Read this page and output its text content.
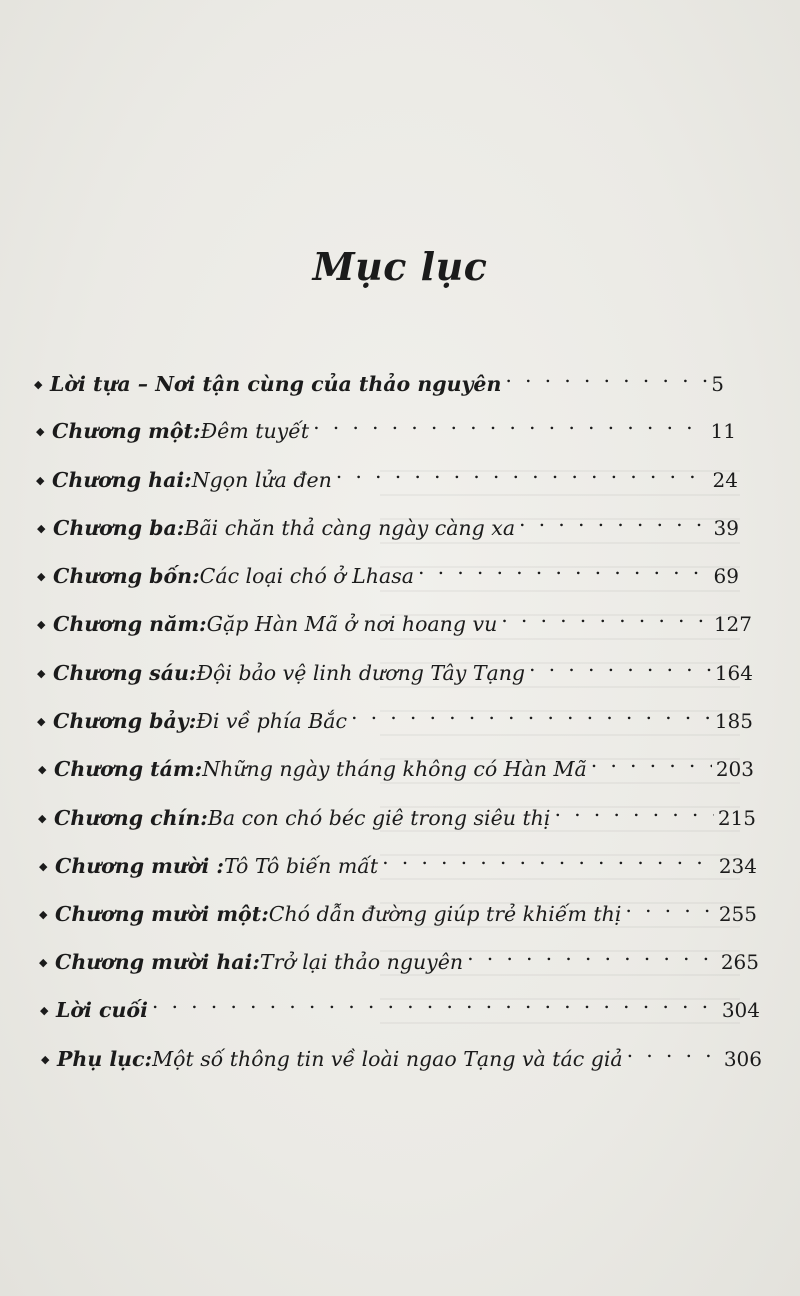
Mục lục
◆ Lời tựa – Nơi tận cùng của thảo nguyên . . .	5
◆ Chương một: Đêm tuyết . . .	11
◆ Chương hai: Ngọn lửa đen . . .	24
◆ Chương ba: Bãi chăn thả càng ngày càng xa . . .	39
◆ Chương bốn: Các loại chó ở Lhasa . . .	69
◆ Chương năm: Gặp Hàn Mã ở nơi hoang vu . . .	127
◆ Chương sáu: Đội bảo vệ linh dương Tây Tạng . . .	164
◆ Chương bảy: Đi về phía Bắc . . .	185
◆ Chương tám: Những ngày tháng không có Hàn Mã . . .	203
◆ Chương chín: Ba con chó béc giê trong siêu thị . . .	215
◆ Chương mười : Tô Tô biến mất . . .	234
◆ Chương mười một: Chó dẫn đường giúp trẻ khiếm thị . . .	255
◆ Chương mười hai: Trở lại thảo nguyên . . .	265
◆ Lời cuối . . .	304
◆ Phụ lục: Một số thông tin về loài ngao Tạng và tác giả . . .	306
